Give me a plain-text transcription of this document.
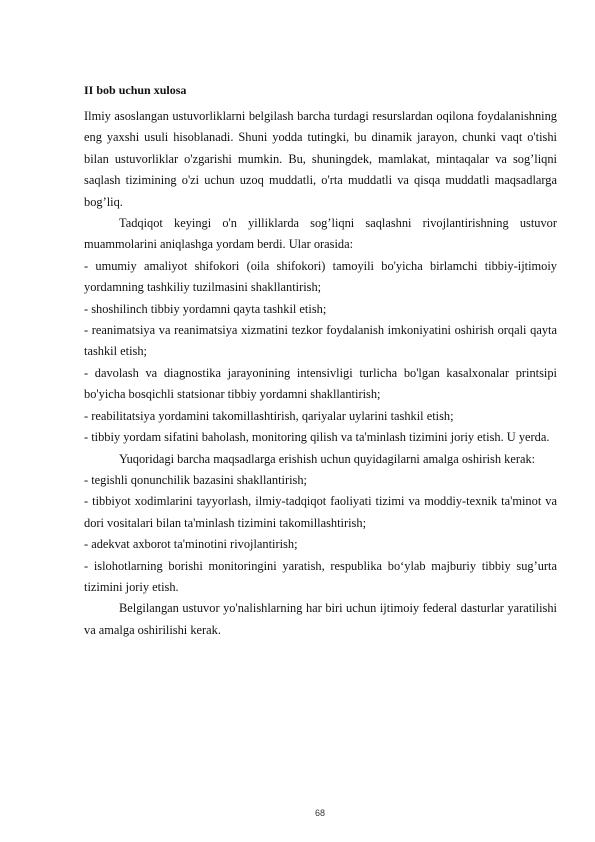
II bob uchun xulosa

Ilmiy asoslangan ustuvorliklarni belgilash barcha turdagi resurslardan oqilona foydalanishning eng yaxshi usuli hisoblanadi. Shuni yodda tutingki, bu dinamik jarayon, chunki vaqt o'tishi bilan ustuvorliklar o'zgarishi mumkin. Bu, shuningdek, mamlakat, mintaqalar va sog’liqni saqlash tizimining o'zi uchun uzoq muddatli, o'rta muddatli va qisqa muddatli maqsadlarga bog’liq.

Tadqiqot keyingi o'n yilliklarda sog’liqni saqlashni rivojlantirishning ustuvor muammolarini aniqlashga yordam berdi. Ular orasida:

- umumiy amaliyot shifokori (oila shifokori) tamoyili bo'yicha birlamchi tibbiy-ijtimoiy yordamning tashkiliy tuzilmasini shakllantirish;

- shoshilinch tibbiy yordamni qayta tashkil etish;

- reanimatsiya va reanimatsiya xizmatini tezkor foydalanish imkoniyatini oshirish orqali qayta tashkil etish;

- davolash va diagnostika jarayonining intensivligi turlicha bo'lgan kasalxonalar printsipi bo'yicha bosqichli statsionar tibbiy yordamni shakllantirish;

- reabilitatsiya yordamini takomillashtirish, qariyalar uylarini tashkil etish;

- tibbiy yordam sifatini baholash, monitoring qilish va ta'minlash tizimini joriy etish. U yerda.

Yuqoridagi barcha maqsadlarga erishish uchun quyidagilarni amalga oshirish kerak:

- tegishli qonunchilik bazasini shakllantirish;

- tibbiyot xodimlarini tayyorlash, ilmiy-tadqiqot faoliyati tizimi va moddiy-texnik ta'minot va dori vositalari bilan ta'minlash tizimini takomillashtirish;

- adekvat axborot ta'minotini rivojlantirish;

- islohotlarning borishi monitoringini yaratish, respublika bo‘ylab majburiy tibbiy sug’urta tizimini joriy etish.

Belgilangan ustuvor yo'nalishlarning har biri uchun ijtimoiy federal dasturlar yaratilishi va amalga oshirilishi kerak.

68
